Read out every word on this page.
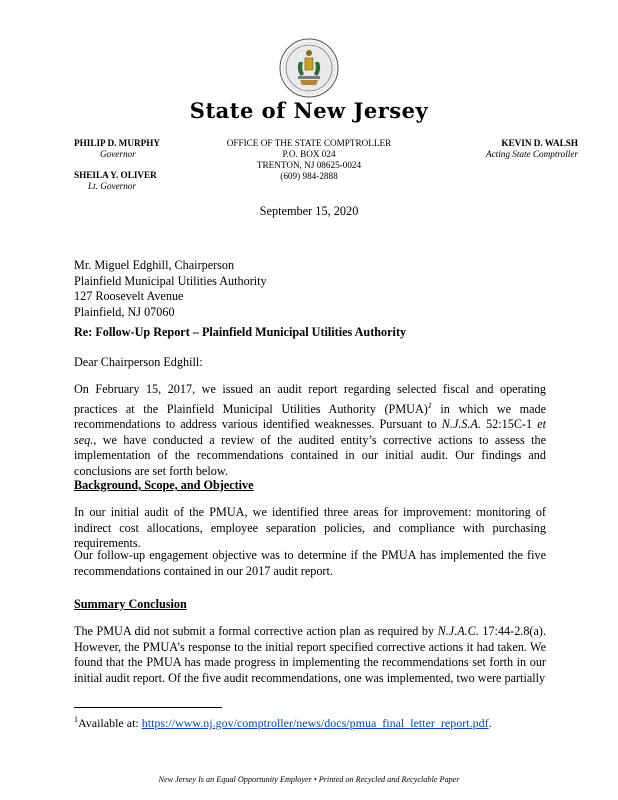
State of New Jersey
PHILIP D. MURPHY
Governor
SHEILA Y. OLIVER
Lt. Governor
OFFICE OF THE STATE COMPTROLLER
P.O. BOX 024
TRENTON, NJ 08625-0024
(609) 984-2888
KEVIN D. WALSH
Acting State Comptroller
September 15, 2020
Mr. Miguel Edghill, Chairperson
Plainfield Municipal Utilities Authority
127 Roosevelt Avenue
Plainfield, NJ 07060
Re: Follow-Up Report – Plainfield Municipal Utilities Authority
Dear Chairperson Edghill:
On February 15, 2017, we issued an audit report regarding selected fiscal and operating practices at the Plainfield Municipal Utilities Authority (PMUA)$^1$ in which we made recommendations to address various identified weaknesses. Pursuant to N.J.S.A. 52:15C-1 et seq., we have conducted a review of the audited entity’s corrective actions to assess the implementation of the recommendations contained in our initial audit. Our findings and conclusions are set forth below.
Background, Scope, and Objective
In our initial audit of the PMUA, we identified three areas for improvement: monitoring of indirect cost allocations, employee separation policies, and compliance with purchasing requirements.
Our follow-up engagement objective was to determine if the PMUA has implemented the five recommendations contained in our 2017 audit report.
Summary Conclusion
The PMUA did not submit a formal corrective action plan as required by N.J.A.C. 17:44-2.8(a). However, the PMUA’s response to the initial report specified corrective actions it had taken. We found that the PMUA has made progress in implementing the recommendations set forth in our initial audit report. Of the five audit recommendations, one was implemented, two were partially
$^1$Available at: https://www.nj.gov/comptroller/news/docs/pmua_final_letter_report.pdf.
New Jersey Is an Equal Opportunity Employer • Printed on Recycled and Recyclable Paper
